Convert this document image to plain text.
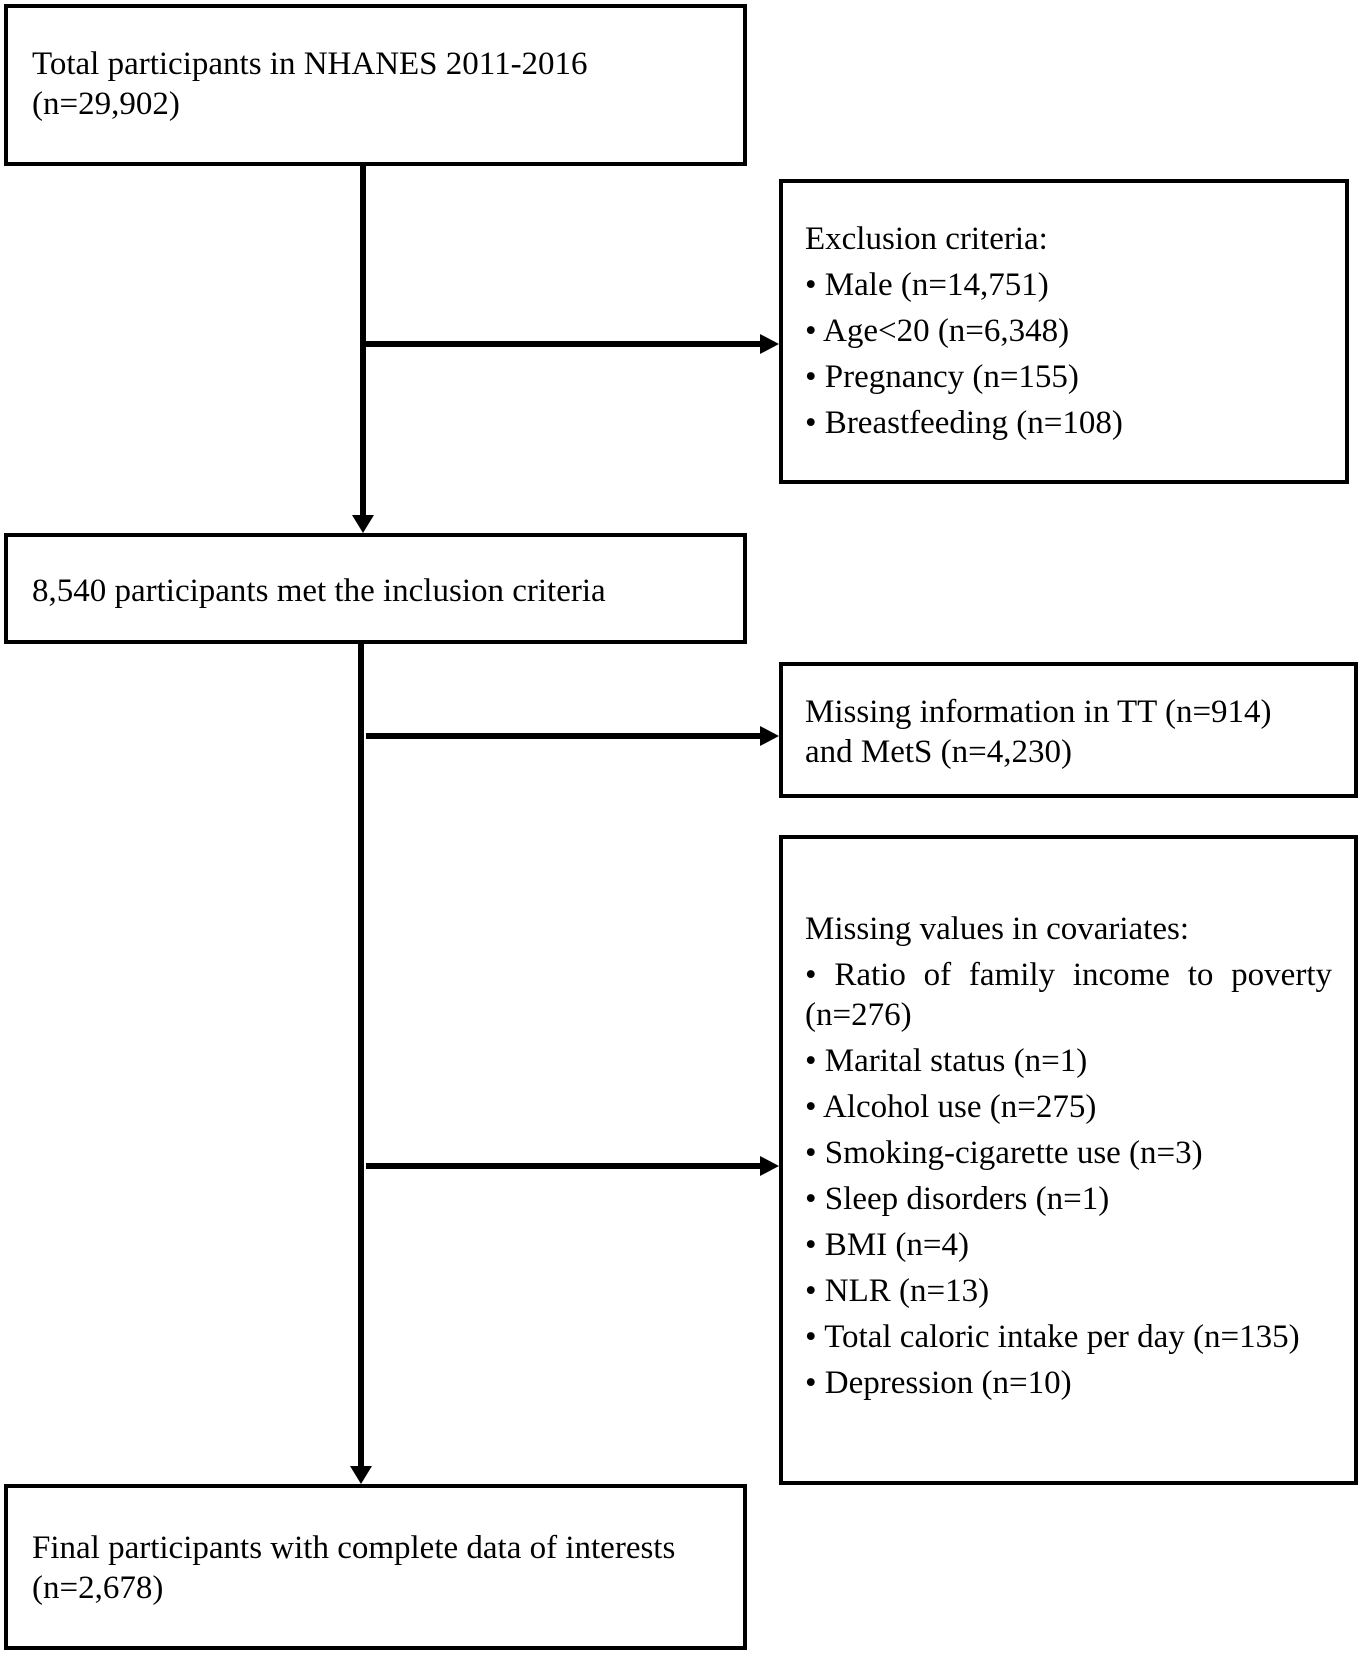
Total participants in NHANES 2011-2016
(n=29,902)
Exclusion criteria:
• Male (n=14,751)
• Age<20 (n=6,348)
• Pregnancy (n=155)
• Breastfeeding (n=108)
8,540 participants met the inclusion criteria
Missing information in TT (n=914)
and MetS (n=4,230)
Missing values in covariates:
• Ratio of family income to poverty (n=276)
• Marital status (n=1)
• Alcohol use (n=275)
• Smoking-cigarette use (n=3)
• Sleep disorders (n=1)
• BMI (n=4)
• NLR (n=13)
• Total caloric intake per day (n=135)
• Depression (n=10)
Final participants with complete data of interests
(n=2,678)
